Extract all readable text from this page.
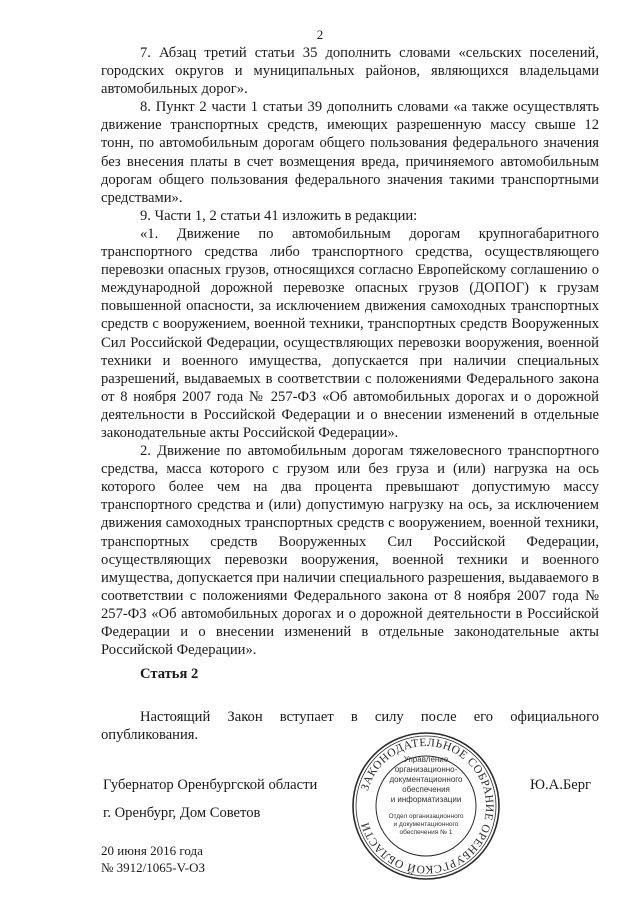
2

7. Абзац третий статьи 35 дополнить словами «сельских поселений, городских округов и муниципальных районов, являющихся владельцами автомобильных дорог».

8. Пункт 2 части 1 статьи 39 дополнить словами «а также осуществлять движение транспортных средств, имеющих разрешенную массу свыше 12 тонн, по автомобильным дорогам общего пользования федерального значения без внесения платы в счет возмещения вреда, причиняемого автомобильным дорогам общего пользования федерального значения такими транспортными средствами».

9. Части 1, 2 статьи 41 изложить в редакции:

«1. Движение по автомобильным дорогам крупногабаритного транспортного средства либо транспортного средства, осуществляющего перевозки опасных грузов, относящихся согласно Европейскому соглашению о международной дорожной перевозке опасных грузов (ДОПОГ) к грузам повышенной опасности, за исключением движения самоходных транспортных средств с вооружением, военной техники, транспортных средств Вооруженных Сил Российской Федерации, осуществляющих перевозки вооружения, военной техники и военного имущества, допускается при наличии специальных разрешений, выдаваемых в соответствии с положениями Федерального закона от 8 ноября 2007 года № 257-ФЗ «Об автомобильных дорогах и о дорожной деятельности в Российской Федерации и о внесении изменений в отдельные законодательные акты Российской Федерации».

2. Движение по автомобильным дорогам тяжеловесного транспортного средства, масса которого с грузом или без груза и (или) нагрузка на ось которого более чем на два процента превышают допустимую массу транспортного средства и (или) допустимую нагрузку на ось, за исключением движения самоходных транспортных средств с вооружением, военной техники, транспортных средств Вооруженных Сил Российской Федерации, осуществляющих перевозки вооружения, военной техники и военного имущества, допускается при наличии специального разрешения, выдаваемого в соответствии с положениями Федерального закона от 8 ноября 2007 года № 257-ФЗ «Об автомобильных дорогах и о дорожной деятельности в Российской Федерации и о внесении изменений в отдельные законодательные акты Российской Федерации».

Статья 2

Настоящий Закон вступает в силу после его официального опубликования.

ЗАКОНОДАТЕЛЬНОЕ СОБРАНИЕ ОРЕНБУРГСКОЙ ОБЛАСТИ
Управление
организационно-
документационного
обеспечения
и информатизации
Отдел организационного
и документационного
обеспечения № 1
Губернатор Оренбургской области
г. Оренбург, Дом Советов
Ю.А.Берг
20 июня 2016 года
№ 3912/1065-V-ОЗ
